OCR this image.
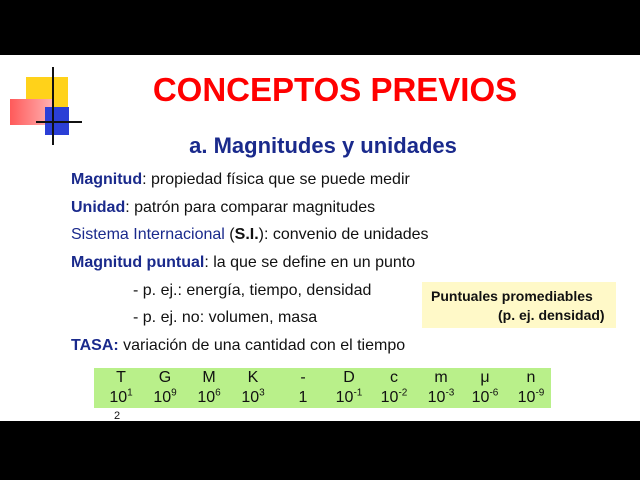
CONCEPTOS PREVIOS
a. Magnitudes y unidades
Magnitud: propiedad física que se puede medir
Unidad: patrón para comparar magnitudes
Sistema Internacional (S.I.): convenio de unidades
Magnitud puntual: la que se define en un punto
- p. ej.: energía, tiempo, densidad
- p. ej. no: volumen, masa
TASA: variación de una cantidad con el tiempo
Puntuales promediables
(p. ej. densidad)
T
$10^1$
G
$10^9$
M
$10^6$
K
$10^3$
-
1
D
$10^{-1}$
c
$10^{-2}$
m
$10^{-3}$
μ
$10^{-6}$
n
$10^{-9}$
2
